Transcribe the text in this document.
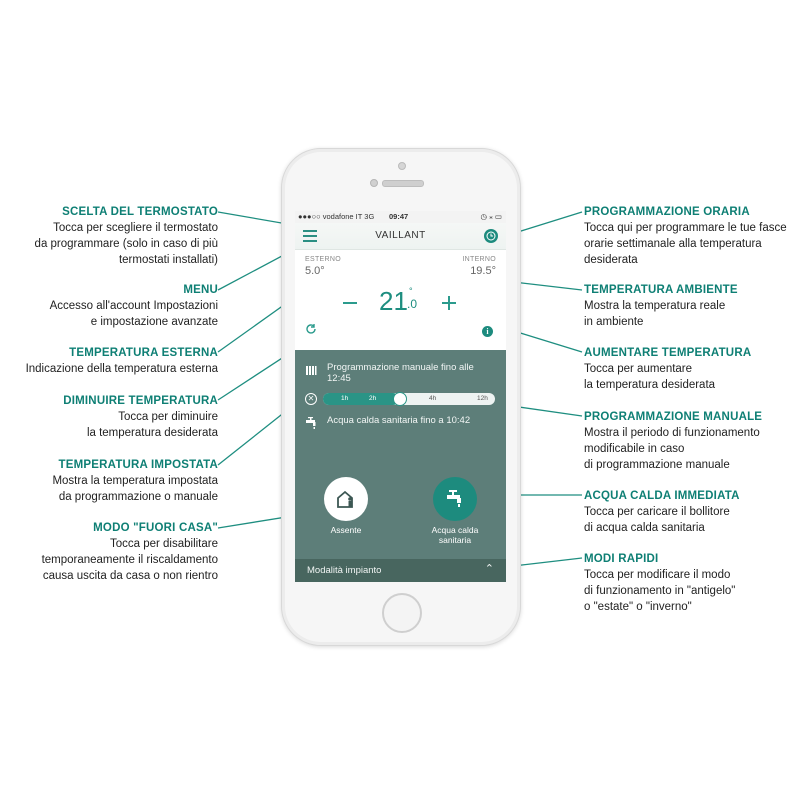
SCELTA DEL TERMOSTATO
Tocca per scegliere il termostato
da programmare (solo in caso di più
termostati installati)
MENU
Accesso all'account Impostazioni
e impostazione avanzate
TEMPERATURA ESTERNA
Indicazione della temperatura esterna
DIMINUIRE TEMPERATURA
Tocca per diminuire
la temperatura desiderata
TEMPERATURA IMPOSTATA
Mostra la temperatura impostata
da programmazione o manuale
MODO "FUORI CASA"
Tocca per disabilitare
temporaneamente il riscaldamento
causa uscita da casa o non rientro
PROGRAMMAZIONE ORARIA
Tocca qui per programmare le tue fasce
orarie settimanale alla temperatura
desiderata
TEMPERATURA AMBIENTE
Mostra la temperatura reale
in ambiente
AUMENTARE TEMPERATURA
Tocca per aumentare
la temperatura desiderata
PROGRAMMAZIONE MANUALE
Mostra il periodo di funzionamento
modificabile in caso
di programmazione manuale
ACQUA CALDA IMMEDIATA
Tocca per caricare il bollitore
di acqua calda sanitaria
MODI RAPIDI
Tocca per modificare il modo
di funzionamento in "antigelo"
o "estate" o "inverno"
●●●○○ vodafone IT 3G 09:47	◷ ⁎ ▭
VAILLANT
ESTERNO
5.0°
INTERNO
19.5°
21 °
.0
i
Programmazione manuale fino alle 12:45
✕	1h	2h	4h	12h
Acqua calda sanitaria fino a 10:42
Assente	Acqua calda sanitaria
Modalità impianto	⌃
